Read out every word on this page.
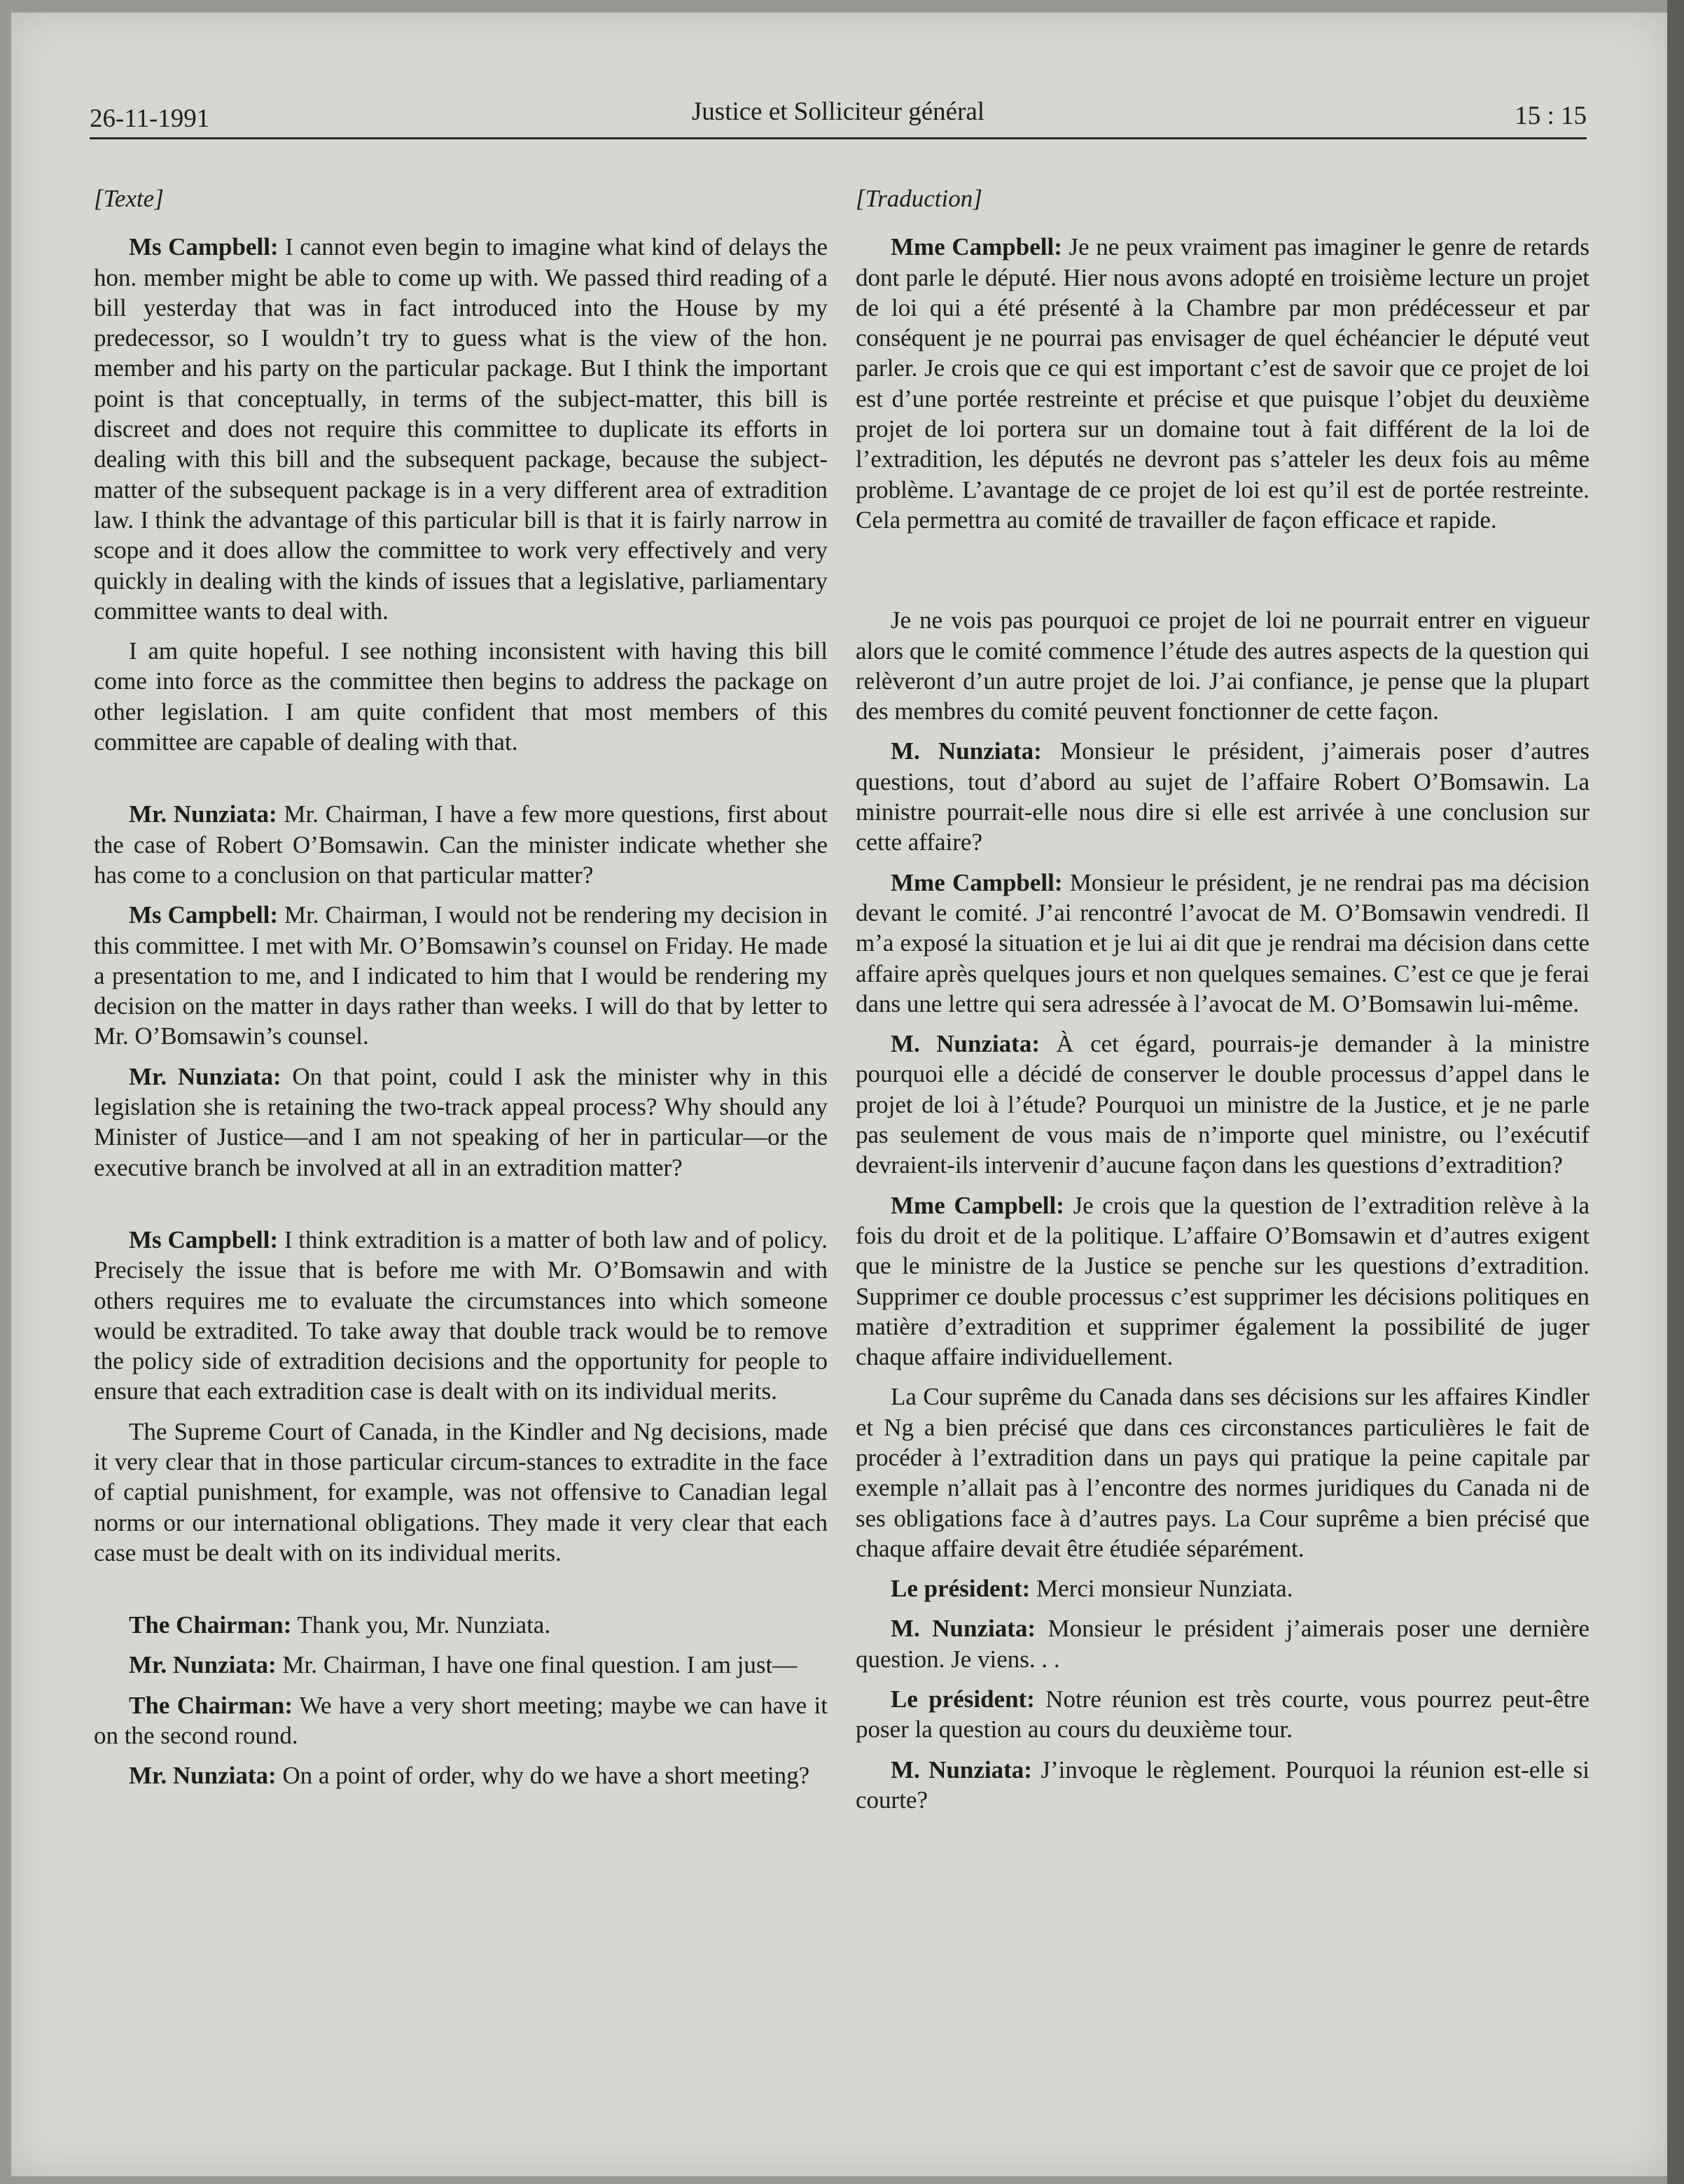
26-11-1991	Justice et Solliciteur général	15 : 15

[Texte]

Ms Campbell: I cannot even begin to imagine what kind of delays the hon. member might be able to come up with. We passed third reading of a bill yesterday that was in fact introduced into the House by my predecessor, so I wouldn’t try to guess what is the view of the hon. member and his party on the particular package. But I think the important point is that conceptually, in terms of the subject-matter, this bill is discreet and does not require this committee to duplicate its efforts in dealing with this bill and the subsequent package, because the subject-matter of the subsequent package is in a very different area of extradition law. I think the advantage of this particular bill is that it is fairly narrow in scope and it does allow the committee to work very effectively and very quickly in dealing with the kinds of issues that a legislative, parliamentary committee wants to deal with.

I am quite hopeful. I see nothing inconsistent with having this bill come into force as the committee then begins to address the package on other legislation. I am quite confident that most members of this committee are capable of dealing with that.

Mr. Nunziata: Mr. Chairman, I have a few more questions, first about the case of Robert O’Bomsawin. Can the minister indicate whether she has come to a conclusion on that particular matter?

Ms Campbell: Mr. Chairman, I would not be rendering my decision in this committee. I met with Mr. O’Bomsawin’s counsel on Friday. He made a presentation to me, and I indicated to him that I would be rendering my decision on the matter in days rather than weeks. I will do that by letter to Mr. O’Bomsawin’s counsel.

Mr. Nunziata: On that point, could I ask the minister why in this legislation she is retaining the two-track appeal process? Why should any Minister of Justice—and I am not speaking of her in particular—or the executive branch be involved at all in an extradition matter?

Ms Campbell: I think extradition is a matter of both law and of policy. Precisely the issue that is before me with Mr. O’Bomsawin and with others requires me to evaluate the circumstances into which someone would be extradited. To take away that double track would be to remove the policy side of extradition decisions and the opportunity for people to ensure that each extradition case is dealt with on its individual merits.

The Supreme Court of Canada, in the Kindler and Ng decisions, made it very clear that in those particular circum-stances to extradite in the face of captial punishment, for example, was not offensive to Canadian legal norms or our international obligations. They made it very clear that each case must be dealt with on its individual merits.

The Chairman: Thank you, Mr. Nunziata.

Mr. Nunziata: Mr. Chairman, I have one final question. I am just—

The Chairman: We have a very short meeting; maybe we can have it on the second round.

Mr. Nunziata: On a point of order, why do we have a short meeting?

[Traduction]

Mme Campbell: Je ne peux vraiment pas imaginer le genre de retards dont parle le député. Hier nous avons adopté en troisième lecture un projet de loi qui a été présenté à la Chambre par mon prédécesseur et par conséquent je ne pourrai pas envisager de quel échéancier le député veut parler. Je crois que ce qui est important c’est de savoir que ce projet de loi est d’une portée restreinte et précise et que puisque l’objet du deuxième projet de loi portera sur un domaine tout à fait différent de la loi de l’extradition, les députés ne devront pas s’atteler les deux fois au même problème. L’avantage de ce projet de loi est qu’il est de portée restreinte. Cela permettra au comité de travailler de façon efficace et rapide.

Je ne vois pas pourquoi ce projet de loi ne pourrait entrer en vigueur alors que le comité commence l’étude des autres aspects de la question qui relèveront d’un autre projet de loi. J’ai confiance, je pense que la plupart des membres du comité peuvent fonctionner de cette façon.

M. Nunziata: Monsieur le président, j’aimerais poser d’autres questions, tout d’abord au sujet de l’affaire Robert O’Bomsawin. La ministre pourrait-elle nous dire si elle est arrivée à une conclusion sur cette affaire?

Mme Campbell: Monsieur le président, je ne rendrai pas ma décision devant le comité. J’ai rencontré l’avocat de M. O’Bomsawin vendredi. Il m’a exposé la situation et je lui ai dit que je rendrai ma décision dans cette affaire après quelques jours et non quelques semaines. C’est ce que je ferai dans une lettre qui sera adressée à l’avocat de M. O’Bomsawin lui-même.

M. Nunziata: À cet égard, pourrais-je demander à la ministre pourquoi elle a décidé de conserver le double processus d’appel dans le projet de loi à l’étude? Pourquoi un ministre de la Justice, et je ne parle pas seulement de vous mais de n’importe quel ministre, ou l’exécutif devraient-ils intervenir d’aucune façon dans les questions d’extradition?

Mme Campbell: Je crois que la question de l’extradition relève à la fois du droit et de la politique. L’affaire O’Bomsawin et d’autres exigent que le ministre de la Justice se penche sur les questions d’extradition. Supprimer ce double processus c’est supprimer les décisions politiques en matière d’extradition et supprimer également la possibilité de juger chaque affaire individuellement.

La Cour suprême du Canada dans ses décisions sur les affaires Kindler et Ng a bien précisé que dans ces circonstances particulières le fait de procéder à l’extradition dans un pays qui pratique la peine capitale par exemple n’allait pas à l’encontre des normes juridiques du Canada ni de ses obligations face à d’autres pays. La Cour suprême a bien précisé que chaque affaire devait être étudiée séparément.

Le président: Merci monsieur Nunziata.

M. Nunziata: Monsieur le président j’aimerais poser une dernière question. Je viens. . .

Le président: Notre réunion est très courte, vous pourrez peut-être poser la question au cours du deuxième tour.

M. Nunziata: J’invoque le règlement. Pourquoi la réunion est-elle si courte?
